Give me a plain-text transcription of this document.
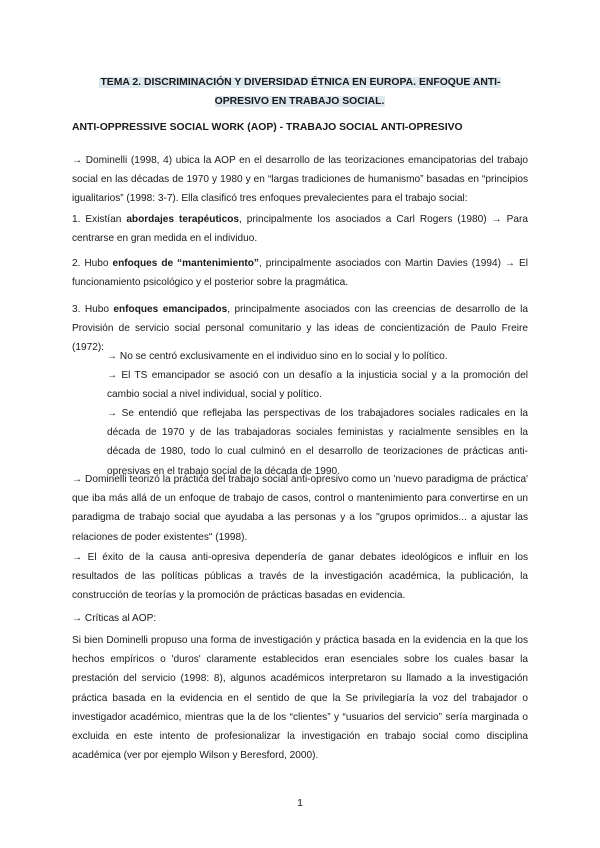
TEMA 2. DISCRIMINACIÓN Y DIVERSIDAD ÉTNICA EN EUROPA. ENFOQUE ANTI- OPRESIVO EN TRABAJO SOCIAL.
ANTI-OPPRESSIVE SOCIAL WORK (AOP) - TRABAJO SOCIAL ANTI-OPRESIVO
→ Dominelli (1998, 4) ubica la AOP en el desarrollo de las teorizaciones emancipatorias del trabajo social en las décadas de 1970 y 1980 y en “largas tradiciones de humanismo” basadas en “principios igualitarios” (1998: 3-7). Ella clasificó tres enfoques prevalecientes para el trabajo social:
1. Existían abordajes terapéuticos, principalmente los asociados a Carl Rogers (1980) → Para centrarse en gran medida en el individuo.
2. Hubo enfoques de “mantenimiento”, principalmente asociados con Martin Davies (1994) → El funcionamiento psicológico y el posterior sobre la pragmática.
3. Hubo enfoques emancipados, principalmente asociados con las creencias de desarrollo de la Provisión de servicio social personal comunitario y las ideas de concientización de Paulo Freire (1972):
→ No se centró exclusivamente en el individuo sino en lo social y lo político.
→ El TS emancipador se asoció con un desafío a la injusticia social y a la promoción del cambio social a nivel individual, social y político.
→ Se entendió que reflejaba las perspectivas de los trabajadores sociales radicales en la década de 1970 y de las trabajadoras sociales feministas y racialmente sensibles en la década de 1980, todo lo cual culminó en el desarrollo de teorizaciones de prácticas anti-opresivas en el trabajo social de la década de 1990.
→ Dominelli teorizó la práctica del trabajo social anti-opresivo como un 'nuevo paradigma de práctica' que iba más allá de un enfoque de trabajo de casos, control o mantenimiento para convertirse en un paradigma de trabajo social que ayudaba a las personas y a los "grupos oprimidos... a ajustar las relaciones de poder existentes" (1998).
→ El éxito de la causa anti-opresiva dependería de ganar debates ideológicos e influir en los resultados de las políticas públicas a través de la investigación académica, la publicación, la construcción de teorías y la promoción de prácticas basadas en evidencia.
→ Críticas al AOP:
Si bien Dominelli propuso una forma de investigación y práctica basada en la evidencia en la que los hechos empíricos o 'duros' claramente establecidos eran esenciales sobre los cuales basar la prestación del servicio (1998: 8), algunos académicos interpretaron su llamado a la investigación práctica basada en la evidencia en el sentido de que la Se privilegiaría la voz del trabajador o investigador académico, mientras que la de los “clientes” y “usuarios del servicio” sería marginada o excluida en este intento de profesionalizar la investigación en trabajo social como disciplina académica (ver por ejemplo Wilson y Beresford, 2000).
1
